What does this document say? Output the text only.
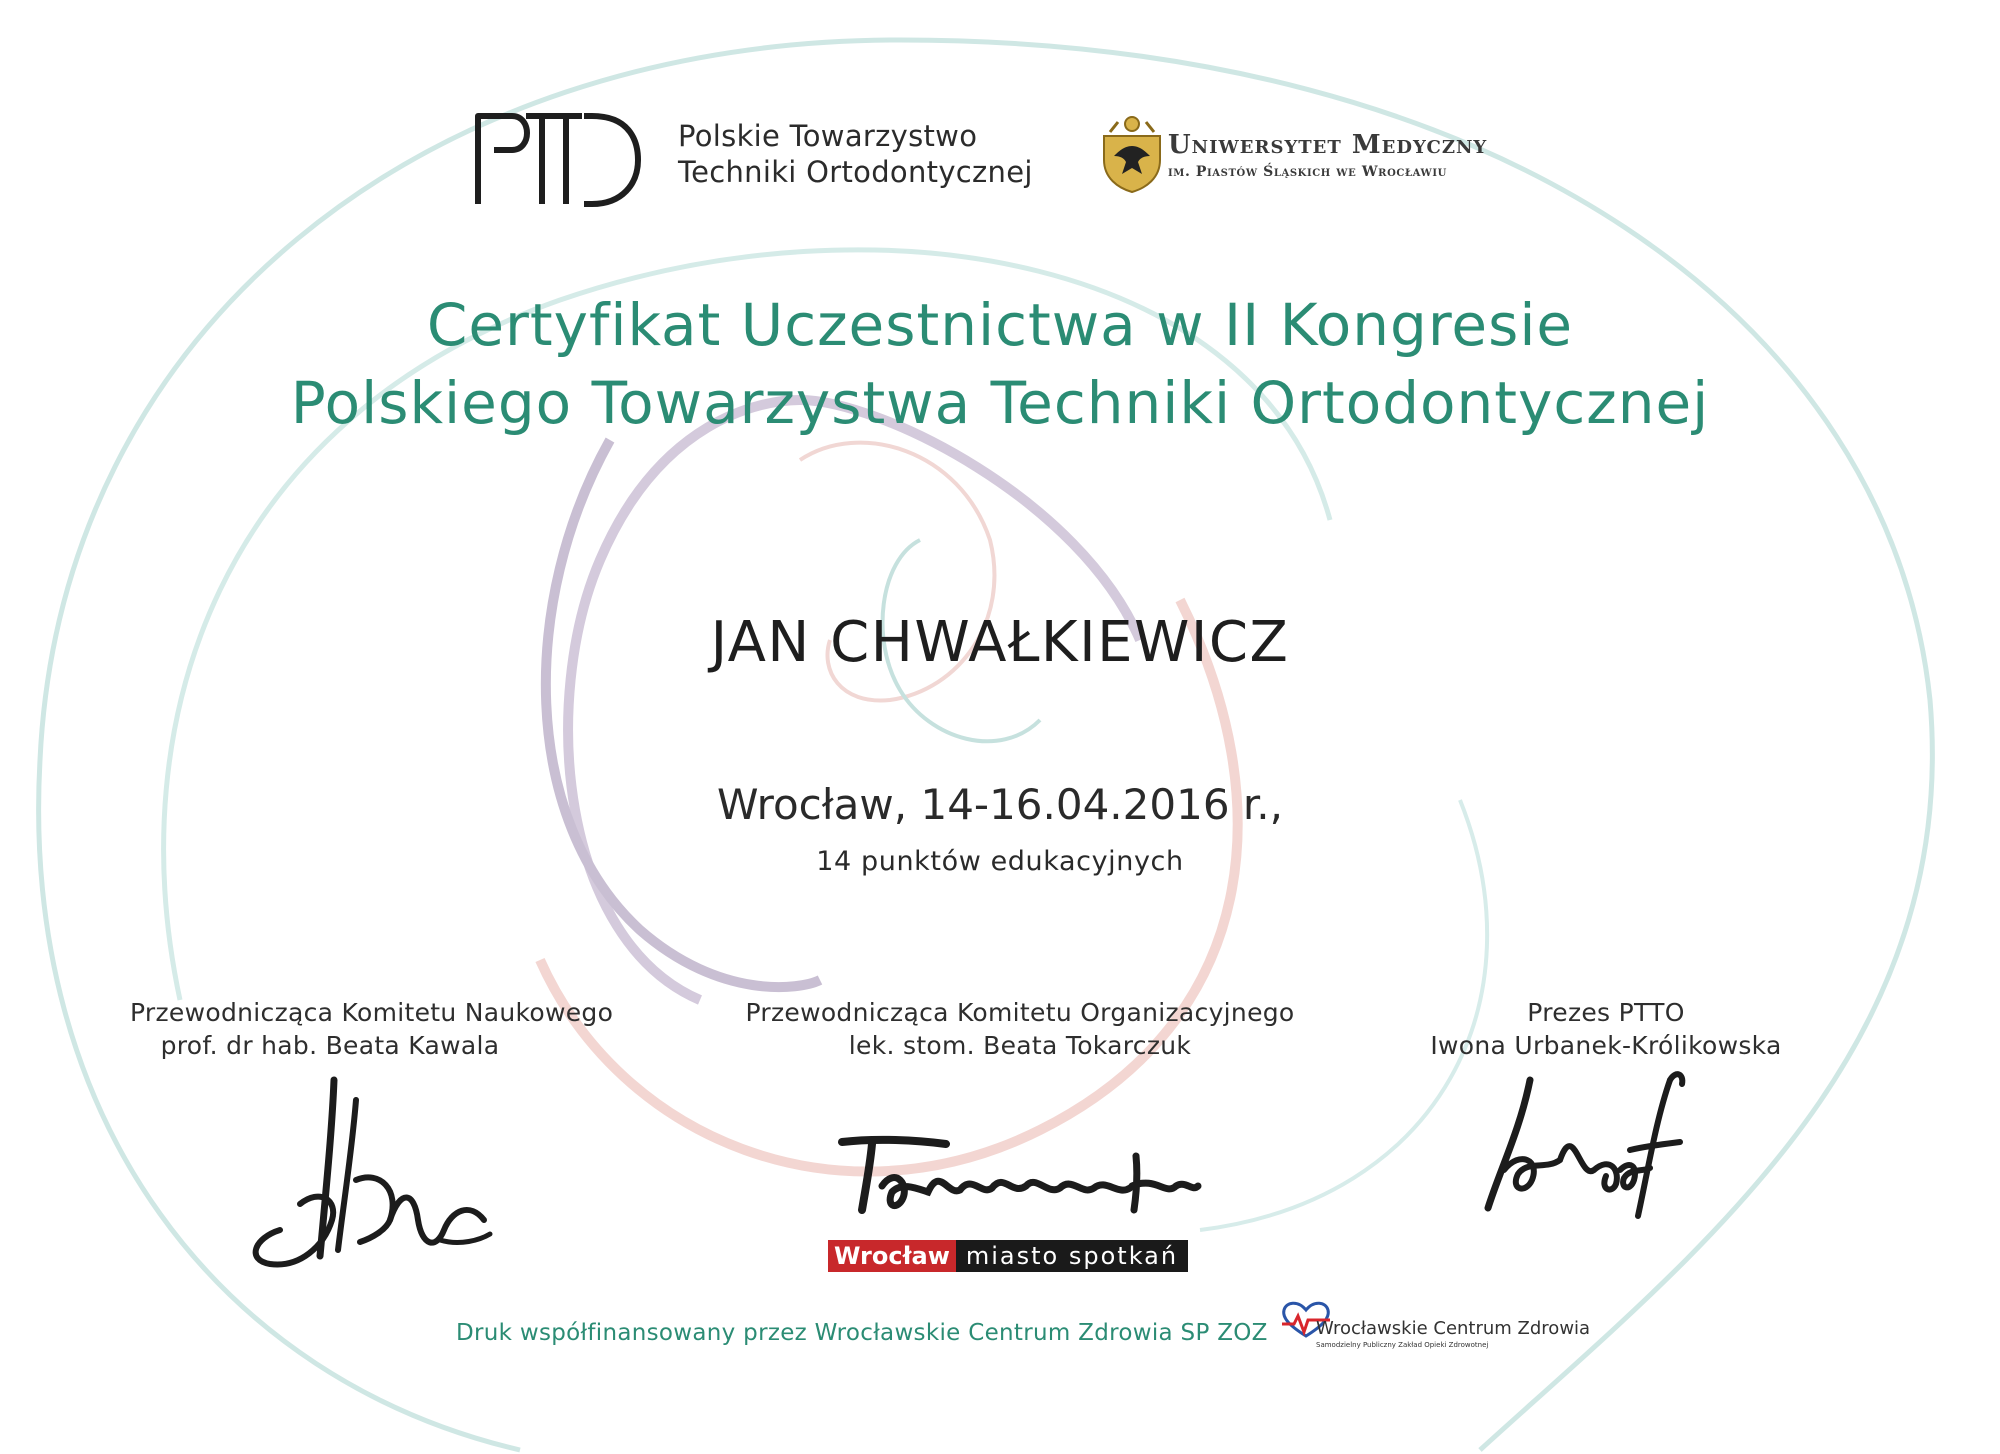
Polskie Towarzystwo
Techniki Ortodontycznej
Uniwersytet Medyczny
im. Piastów Śląskich we Wrocławiu
Certyfikat Uczestnictwa w II Kongresie
Polskiego Towarzystwa Techniki Ortodontycznej
JAN CHWAŁKIEWICZ
Wrocław, 14-16.04.2016 r.,
14 punktów edukacyjnych
Przewodnicząca Komitetu Naukowego
prof. dr hab. Beata Kawala
Przewodnicząca Komitetu Organizacyjnego
lek. stom. Beata Tokarczuk
Prezes PTTO
Iwona Urbanek-Królikowska
Wrocław miasto spotkań
Druk współfinansowany przez Wrocławskie Centrum Zdrowia SP ZOZ	Wrocławskie Centrum Zdrowia
Samodzielny Publiczny Zakład Opieki Zdrowotnej
